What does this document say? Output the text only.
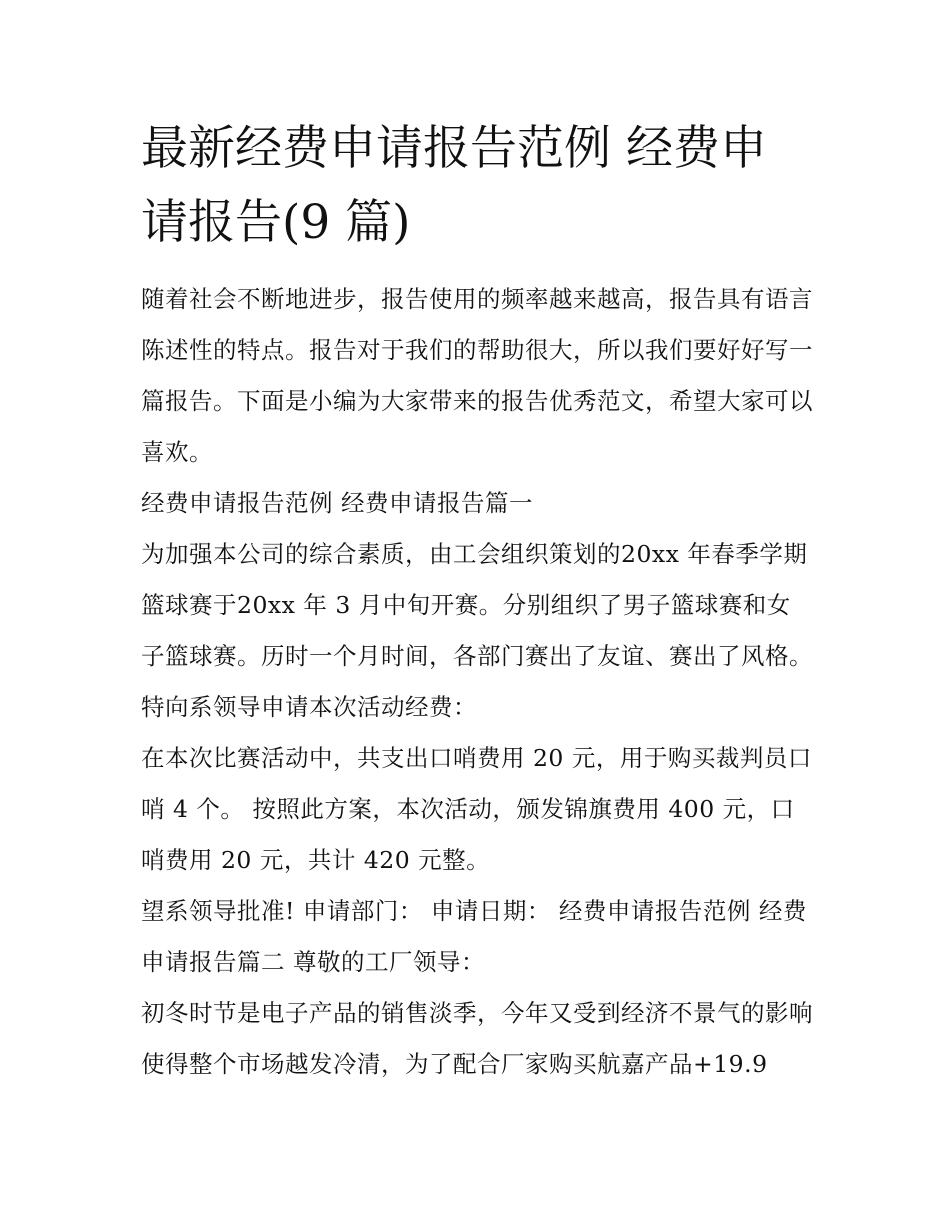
最新经费申请报告范例 经费申请报告(9 篇)

随着社会不断地进步，报告使用的频率越来越高，报告具有语言陈述性的特点。报告对于我们的帮助很大，所以我们要好好写一篇报告。下面是小编为大家带来的报告优秀范文，希望大家可以喜欢。

经费申请报告范例 经费申请报告篇一

为加强本公司的综合素质，由工会组织策划的20xx 年春季学期篮球赛于20xx 年 3 月中旬开赛。分别组织了男子篮球赛和女子篮球赛。历时一个月时间，各部门赛出了友谊、赛出了风格。特向系领导申请本次活动经费：

在本次比赛活动中，共支出口哨费用 20 元，用于购买裁判员口哨 4 个。 按照此方案，本次活动，颁发锦旗费用 400 元，口哨费用 20 元，共计 420 元整。

望系领导批准! 申请部门： 申请日期： 经费申请报告范例 经费申请报告篇二 尊敬的工厂领导：

初冬时节是电子产品的销售淡季，今年又受到经济不景气的影响使得整个市场越发冷清，为了配合厂家购买航嘉产品+19.9
